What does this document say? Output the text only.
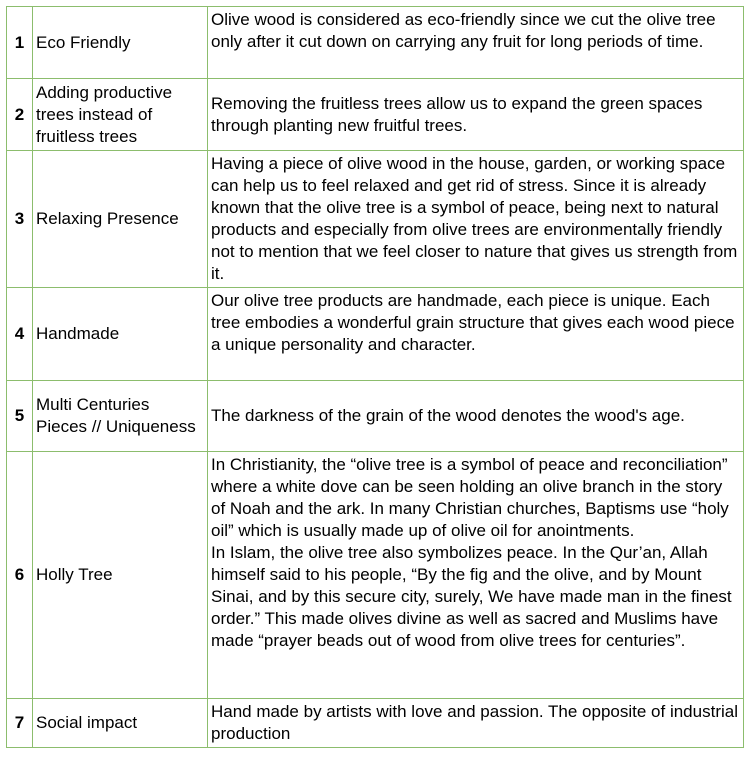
1	Eco Friendly	Olive wood is considered as eco-friendly since we cut the olive tree only after it cut down on carrying any fruit for long periods of time.

2	Adding productive trees instead of fruitless trees	Removing the fruitless trees allow us to expand the green spaces through planting new fruitful trees.

3	Relaxing Presence	Having a piece of olive wood in the house, garden, or working space can help us to feel relaxed and get rid of stress. Since it is already known that the olive tree is a symbol of peace, being next to natural products and especially from olive trees are environmentally friendly not to mention that we feel closer to nature that gives us strength from it.

4	Handmade	Our olive tree products are handmade, each piece is unique. Each tree embodies a wonderful grain structure that gives each wood piece a unique personality and character.

5	Multi Centuries Pieces // Uniqueness	The darkness of the grain of the wood denotes the wood's age.

6	Holly Tree	In Christianity, the “olive tree is a symbol of peace and reconciliation” where a white dove can be seen holding an olive branch in the story of Noah and the ark. In many Christian churches, Baptisms use “holy oil” which is usually made up of olive oil for anointments.
In Islam, the olive tree also symbolizes peace. In the Qur’an, Allah himself said to his people, “By the fig and the olive, and by Mount Sinai, and by this secure city, surely, We have made man in the finest order.” This made olives divine as well as sacred and Muslims have made “prayer beads out of wood from olive trees for centuries”.

7	Social impact	Hand made by artists with love and passion. The opposite of industrial production
